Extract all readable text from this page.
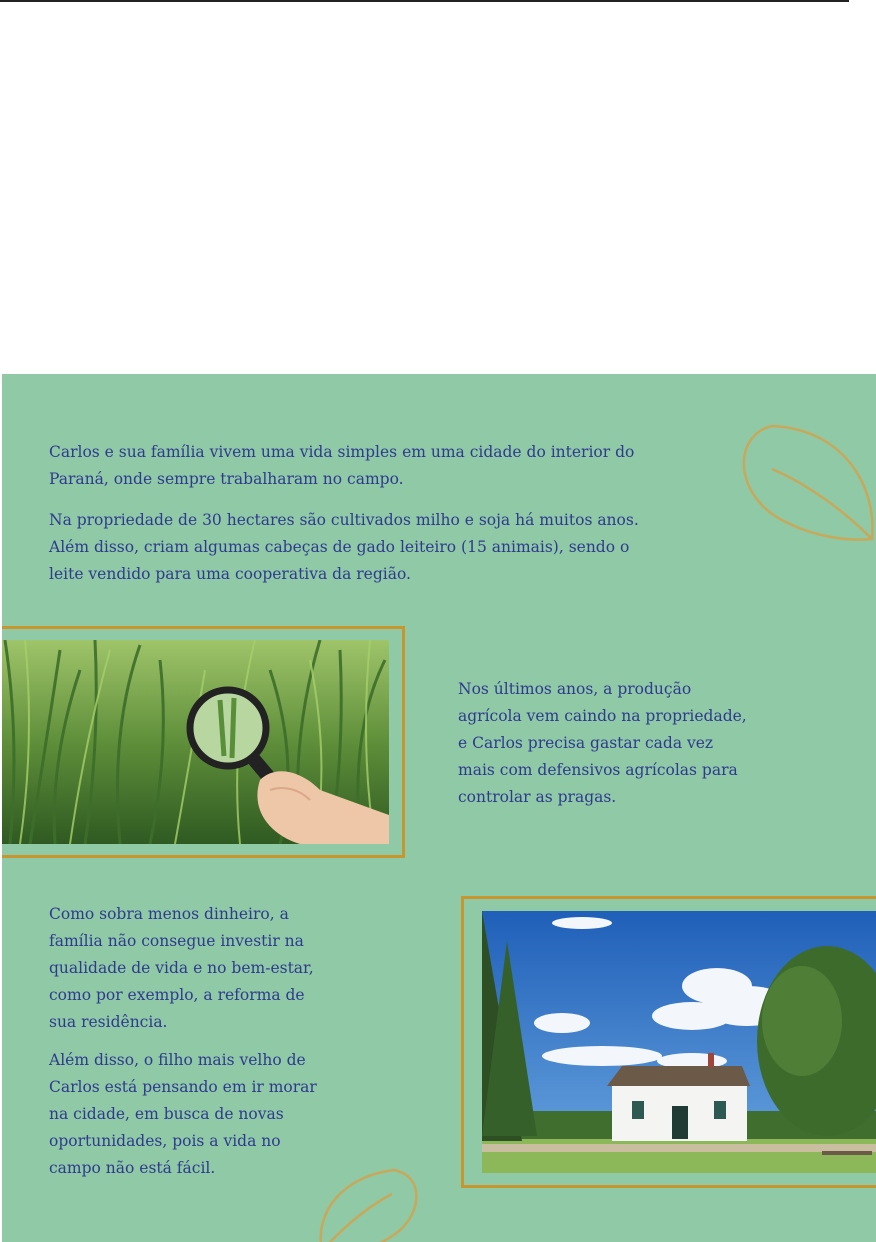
Carlos e sua família vivem uma vida simples em uma cidade do interior do
Paraná, onde sempre trabalharam no campo.

Na propriedade de 30 hectares são cultivados milho e soja há muitos anos.
Além disso, criam algumas cabeças de gado leiteiro (15 animais), sendo o
leite vendido para uma cooperativa da região.

Nos últimos anos, a produção
agrícola vem caindo na propriedade,
e Carlos precisa gastar cada vez
mais com defensivos agrícolas para
controlar as pragas.

Como sobra menos dinheiro, a
família não consegue investir na
qualidade de vida e no bem-estar,
como por exemplo, a reforma de
sua residência.

Além disso, o filho mais velho de
Carlos está pensando em ir morar
na cidade, em busca de novas
oportunidades, pois a vida no
campo não está fácil.
